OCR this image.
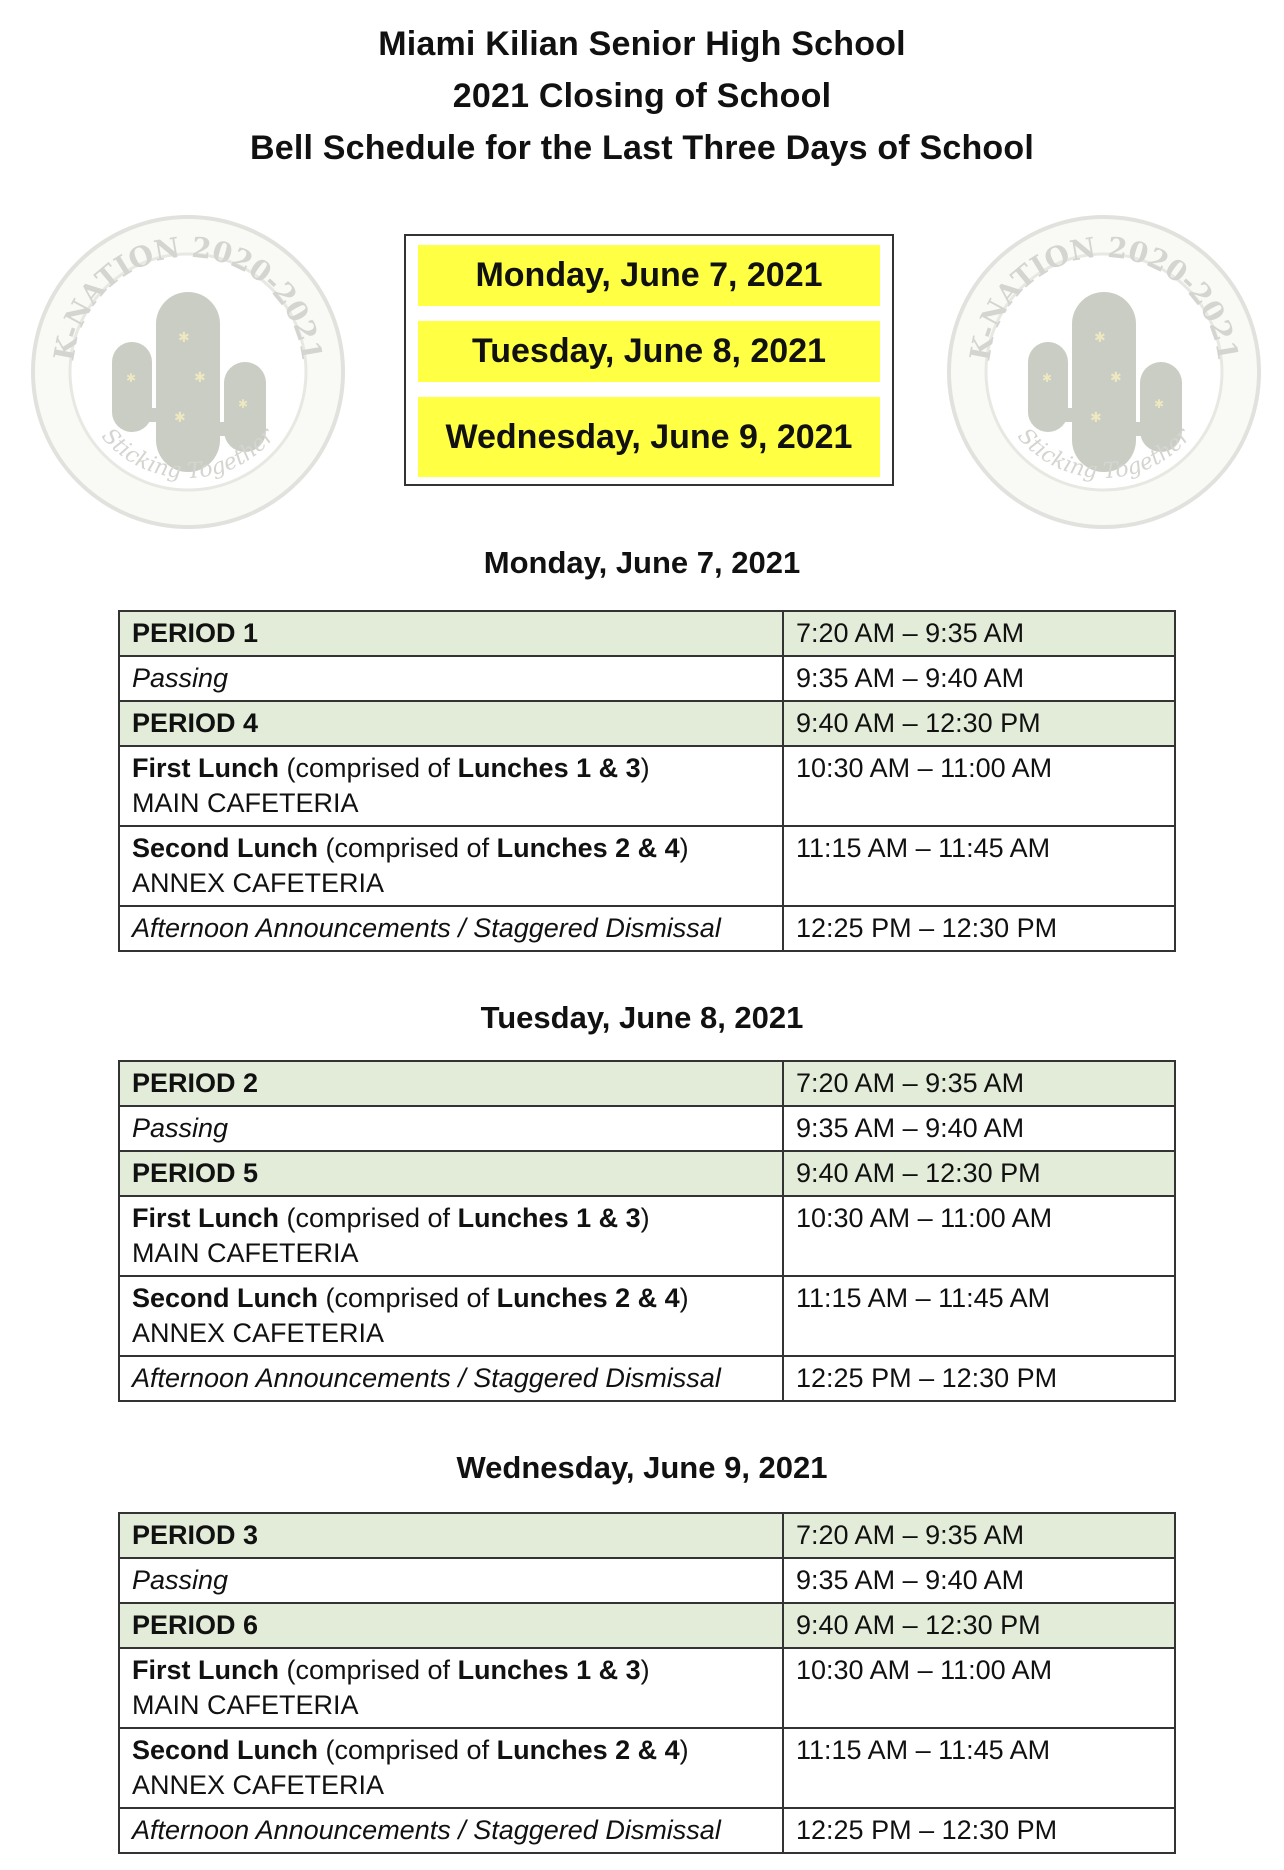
Miami Kilian Senior High School
2021 Closing of School
Bell Schedule for the Last Three Days of School
✱
✱
✱
✱
✱
K-NATION 2020-2021
Sticking Together
✱
✱
✱
✱
✱
K-NATION 2020-2021
Sticking Together
Monday, June 7, 2021
Tuesday, June 8, 2021
Wednesday, June 9, 2021
Monday, June 7, 2021
PERIOD 1	7:20 AM – 9:35 AM
Passing	9:35 AM – 9:40 AM
PERIOD 4	9:40 AM – 12:30 PM
First Lunch (comprised of Lunches 1 & 3)
MAIN CAFETERIA	10:30 AM – 11:00 AM
Second Lunch (comprised of Lunches 2 & 4)
ANNEX CAFETERIA	11:15 AM – 11:45 AM
Afternoon Announcements / Staggered Dismissal	12:25 PM – 12:30 PM
Tuesday, June 8, 2021
PERIOD 2	7:20 AM – 9:35 AM
Passing	9:35 AM – 9:40 AM
PERIOD 5	9:40 AM – 12:30 PM
First Lunch (comprised of Lunches 1 & 3)
MAIN CAFETERIA	10:30 AM – 11:00 AM
Second Lunch (comprised of Lunches 2 & 4)
ANNEX CAFETERIA	11:15 AM – 11:45 AM
Afternoon Announcements / Staggered Dismissal	12:25 PM – 12:30 PM
Wednesday, June 9, 2021
PERIOD 3	7:20 AM – 9:35 AM
Passing	9:35 AM – 9:40 AM
PERIOD 6	9:40 AM – 12:30 PM
First Lunch (comprised of Lunches 1 & 3)
MAIN CAFETERIA	10:30 AM – 11:00 AM
Second Lunch (comprised of Lunches 2 & 4)
ANNEX CAFETERIA	11:15 AM – 11:45 AM
Afternoon Announcements / Staggered Dismissal	12:25 PM – 12:30 PM
